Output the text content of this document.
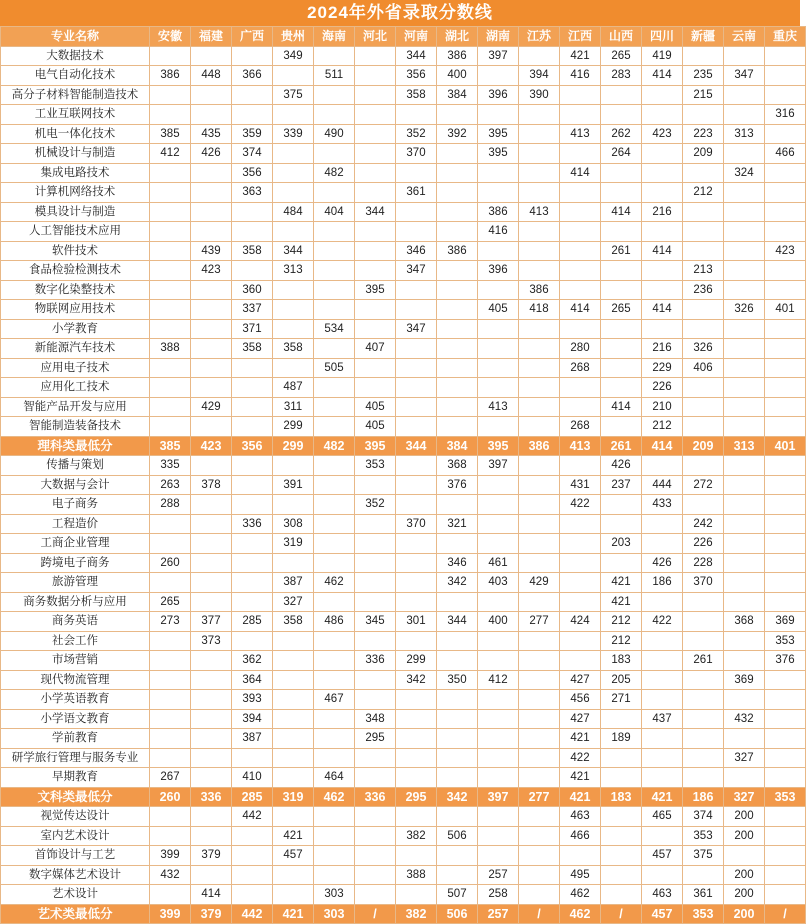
2024年外省录取分数线
专业名称	安徽	福建	广西	贵州	海南	河北	河南	湖北	湖南	江苏	江西	山西	四川	新疆	云南	重庆
大数据技术				349			344	386	397		421	265	419			
电气自动化技术	386	448	366		511		356	400		394	416	283	414	235	347	
高分子材料智能制造技术				375			358	384	396	390				215		
工业互联网技术																316
机电一体化技术	385	435	359	339	490		352	392	395		413	262	423	223	313	
机械设计与制造	412	426	374				370		395			264		209		466
集成电路技术			356		482						414				324	
计算机网络技术			363				361							212		
模具设计与制造				484	404	344			386	413		414	216			
人工智能技术应用									416							
软件技术		439	358	344			346	386				261	414			423
食品检验检测技术		423		313			347		396					213		
数字化染整技术			360			395				386				236		
物联网应用技术			337						405	418	414	265	414		326	401
小学教育			371		534		347									
新能源汽车技术	388		358	358		407					280		216	326		
应用电子技术					505						268		229	406		
应用化工技术				487									226			
智能产品开发与应用		429		311		405			413			414	210			
智能制造装备技术				299		405					268		212			
理科类最低分	385	423	356	299	482	395	344	384	395	386	413	261	414	209	313	401
传播与策划	335					353		368	397			426				
大数据与会计	263	378		391				376			431	237	444	272		
电子商务	288					352					422		433			
工程造价			336	308			370	321						242		
工商企业管理				319								203		226		
跨境电子商务	260							346	461				426	228		
旅游管理				387	462			342	403	429		421	186	370		
商务数据分析与应用	265			327								421				
商务英语	273	377	285	358	486	345	301	344	400	277	424	212	422		368	369
社会工作		373										212				353
市场营销			362			336	299					183		261		376
现代物流管理			364				342	350	412		427	205			369	
小学英语教育			393		467						456	271				
小学语文教育			394			348					427		437		432	
学前教育			387			295					421	189				
研学旅行管理与服务专业											422				327	
早期教育	267		410		464						421					
文科类最低分	260	336	285	319	462	336	295	342	397	277	421	183	421	186	327	353
视觉传达设计			442								463		465	374	200	
室内艺术设计				421			382	506			466			353	200	
首饰设计与工艺	399	379		457									457	375		
数字媒体艺术设计	432						388		257		495				200	
艺术设计		414			303			507	258		462		463	361	200	
艺术类最低分	399	379	442	421	303	/	382	506	257	/	462	/	457	353	200	/
